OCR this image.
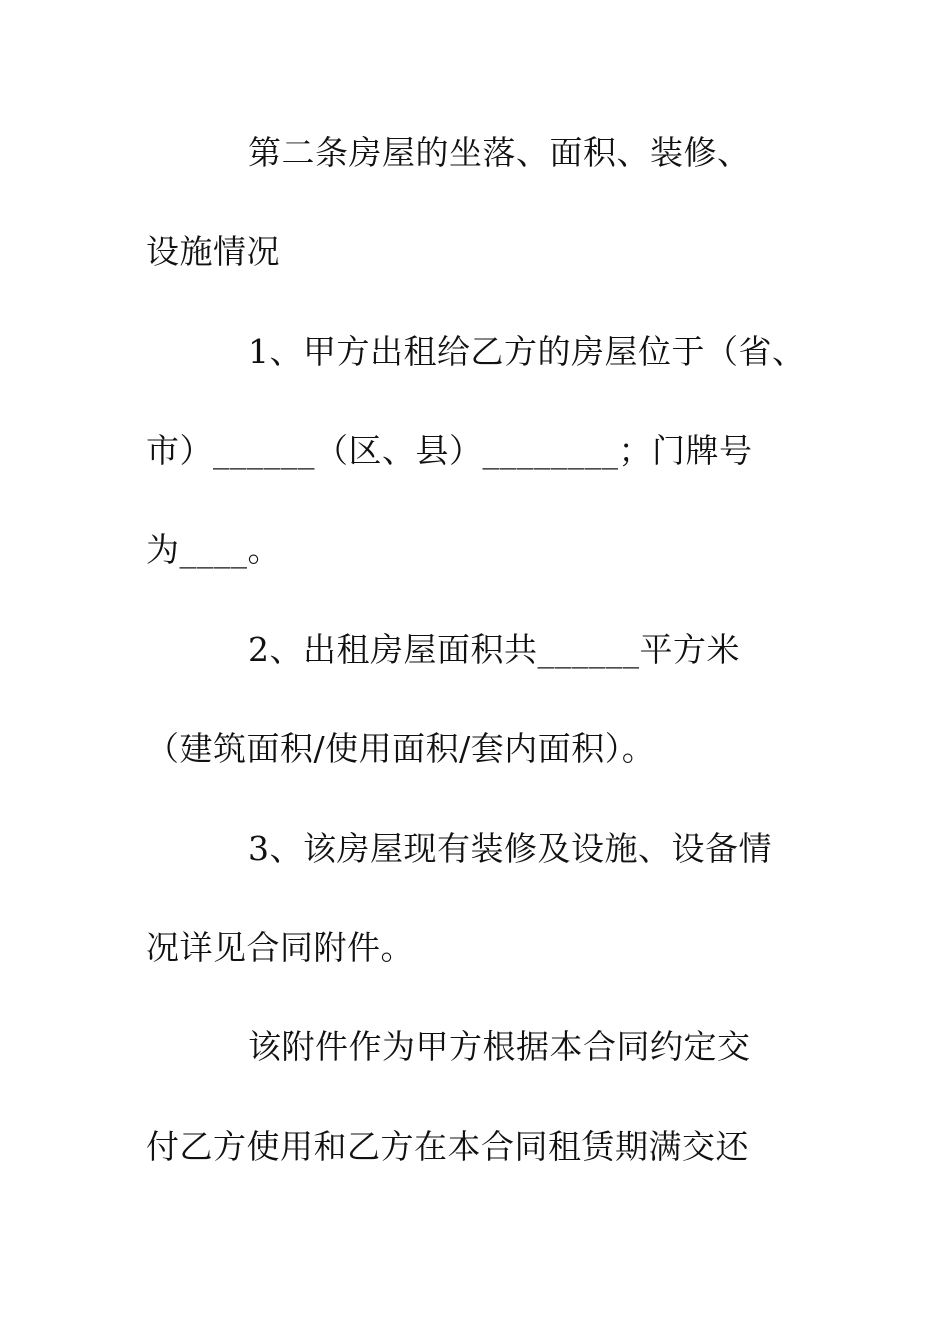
第二条房屋的坐落、面积、装修、
设施情况
1、甲方出租给乙方的房屋位于（省、
市）______（区、县）________；门牌号
为____。
2、出租房屋面积共______平方米
（建筑面积/使用面积/套内面积）。
3、该房屋现有装修及设施、设备情
况详见合同附件。
该附件作为甲方根据本合同约定交
付乙方使用和乙方在本合同租赁期满交还
